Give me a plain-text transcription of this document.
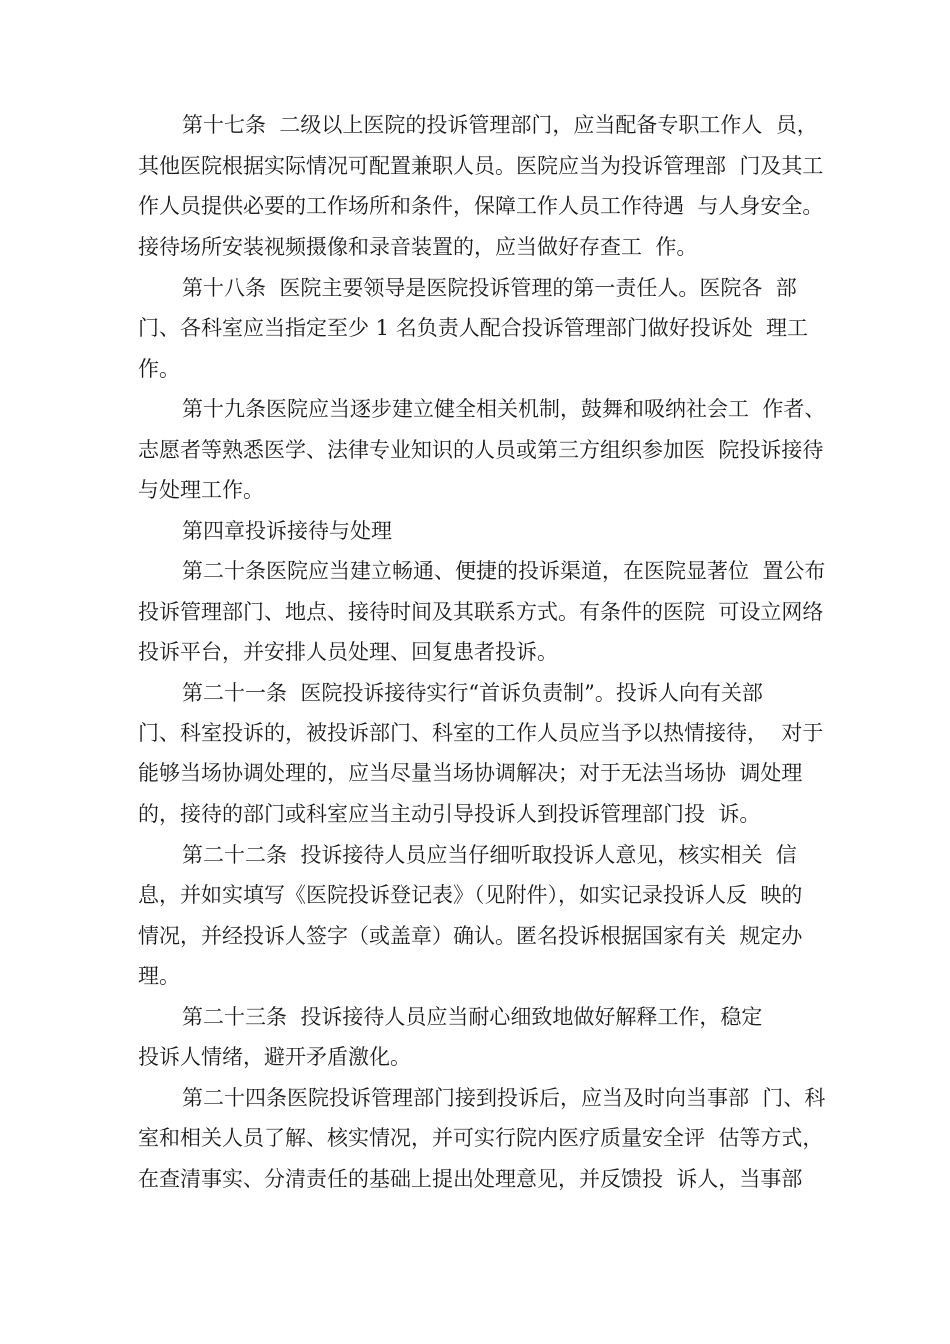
第十七条  二级以上医院的投诉管理部门，应当配备专职工作人  员，
其他医院根据实际情况可配置兼职人员。医院应当为投诉管理部  门及其工
作人员提供必要的工作场所和条件，保障工作人员工作待遇  与人身安全。
接待场所安装视频摄像和录音装置的，应当做好存查工  作。
第十八条  医院主要领导是医院投诉管理的第一责任人。医院各  部
门、各科室应当指定至少 1 名负责人配合投诉管理部门做好投诉处  理工
作。
第十九条医院应当逐步建立健全相关机制，鼓舞和吸纳社会工  作者、
志愿者等熟悉医学、法律专业知识的人员或第三方组织参加医  院投诉接待
与处理工作。
第四章投诉接待与处理
第二十条医院应当建立畅通、便捷的投诉渠道，在医院显著位  置公布
投诉管理部门、地点、接待时间及其联系方式。有条件的医院  可设立网络
投诉平台，并安排人员处理、回复患者投诉。
第二十一条  医院投诉接待实行“首诉负责制”。投诉人向有关部
门、科室投诉的，被投诉部门、科室的工作人员应当予以热情接待，  对于
能够当场协调处理的，应当尽量当场协调解决；对于无法当场协  调处理
的，接待的部门或科室应当主动引导投诉人到投诉管理部门投  诉。
第二十二条  投诉接待人员应当仔细听取投诉人意见，核实相关  信
息，并如实填写《医院投诉登记表》（见附件），如实记录投诉人反  映的
情况，并经投诉人签字（或盖章）确认。匿名投诉根据国家有关  规定办
理。
第二十三条  投诉接待人员应当耐心细致地做好解释工作，稳定
投诉人情绪，避开矛盾激化。
第二十四条医院投诉管理部门接到投诉后，应当及时向当事部  门、科
室和相关人员了解、核实情况，并可实行院内医疗质量安全评  估等方式，
在查清事实、分清责任的基础上提出处理意见，并反馈投  诉人，当事部
